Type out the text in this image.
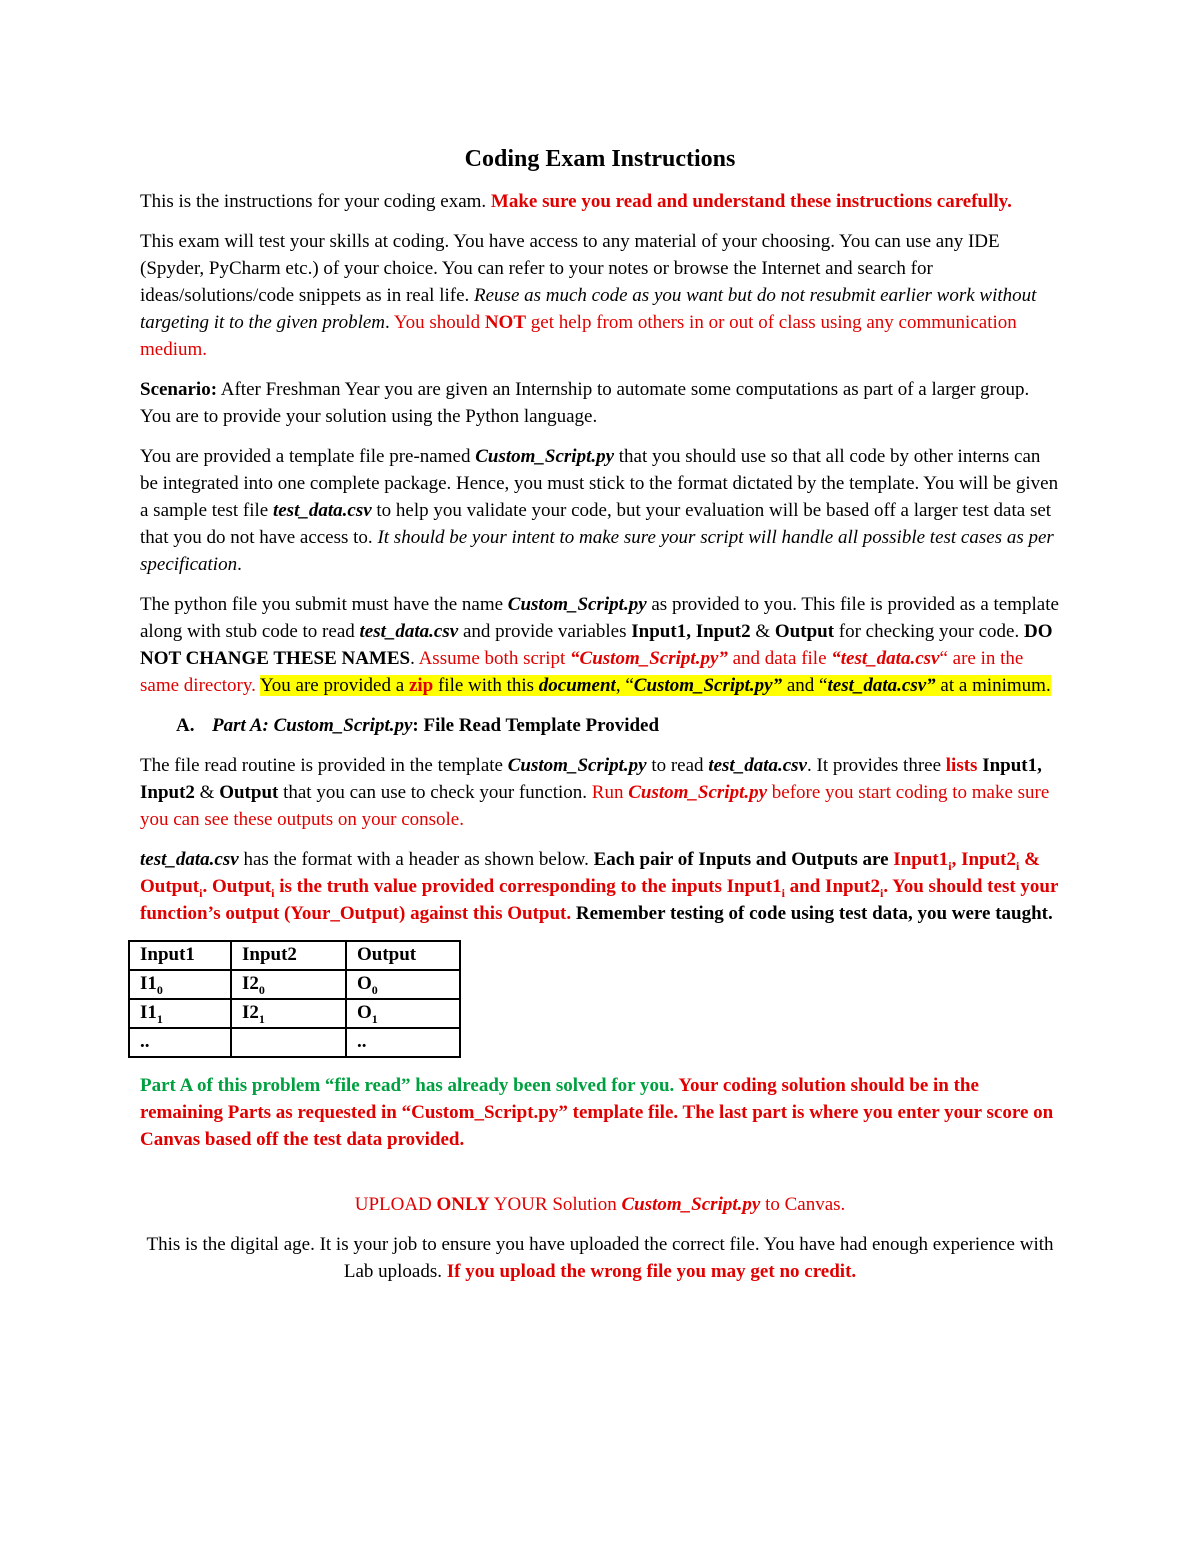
Coding Exam Instructions

This is the instructions for your coding exam. Make sure you read and understand these instructions carefully.

This exam will test your skills at coding. You have access to any material of your choosing. You can use any IDE (Spyder, PyCharm etc.) of your choice. You can refer to your notes or browse the Internet and search for ideas/solutions/code snippets as in real life. Reuse as much code as you want but do not resubmit earlier work without targeting it to the given problem. You should NOT get help from others in or out of class using any communication medium.

Scenario: After Freshman Year you are given an Internship to automate some computations as part of a larger group. You are to provide your solution using the Python language.

You are provided a template file pre-named Custom_Script.py that you should use so that all code by other interns can be integrated into one complete package. Hence, you must stick to the format dictated by the template. You will be given a sample test file test_data.csv to help you validate your code, but your evaluation will be based off a larger test data set that you do not have access to. It should be your intent to make sure your script will handle all possible test cases as per specification.

The python file you submit must have the name Custom_Script.py as provided to you. This file is provided as a template along with stub code to read test_data.csv and provide variables Input1, Input2 & Output for checking your code. DO NOT CHANGE THESE NAMES. Assume both script “Custom_Script.py” and data file “test_data.csv“ are in the same directory. You are provided a zip file with this document, “Custom_Script.py” and “test_data.csv” at a minimum.

A. Part A: Custom_Script.py: File Read Template Provided

The file read routine is provided in the template Custom_Script.py to read test_data.csv. It provides three lists Input1, Input2 & Output that you can use to check your function. Run Custom_Script.py before you start coding to make sure you can see these outputs on your console.

test_data.csv has the format with a header as shown below. Each pair of Inputs and Outputs are $Input1_i$, $Input2_i$ & Output$_i$. Output$_i$ is the truth value provided corresponding to the inputs $Input1_i$ and $Input2_i$. You should test your function’s output (Your_Output) against this Output. Remember testing of code using test data, you were taught.

Input1	Input2	Output
$I1_0$	$I2_0$	$O_0$
$I1_1$	$I2_1$	$O_1$
..		..

Part A of this problem “file read” has already been solved for you. Your coding solution should be in the remaining Parts as requested in “Custom_Script.py” template file. The last part is where you enter your score on Canvas based off the test data provided.

UPLOAD ONLY YOUR Solution Custom_Script.py to Canvas.

This is the digital age. It is your job to ensure you have uploaded the correct file. You have had enough experience with Lab uploads. If you upload the wrong file you may get no credit.
